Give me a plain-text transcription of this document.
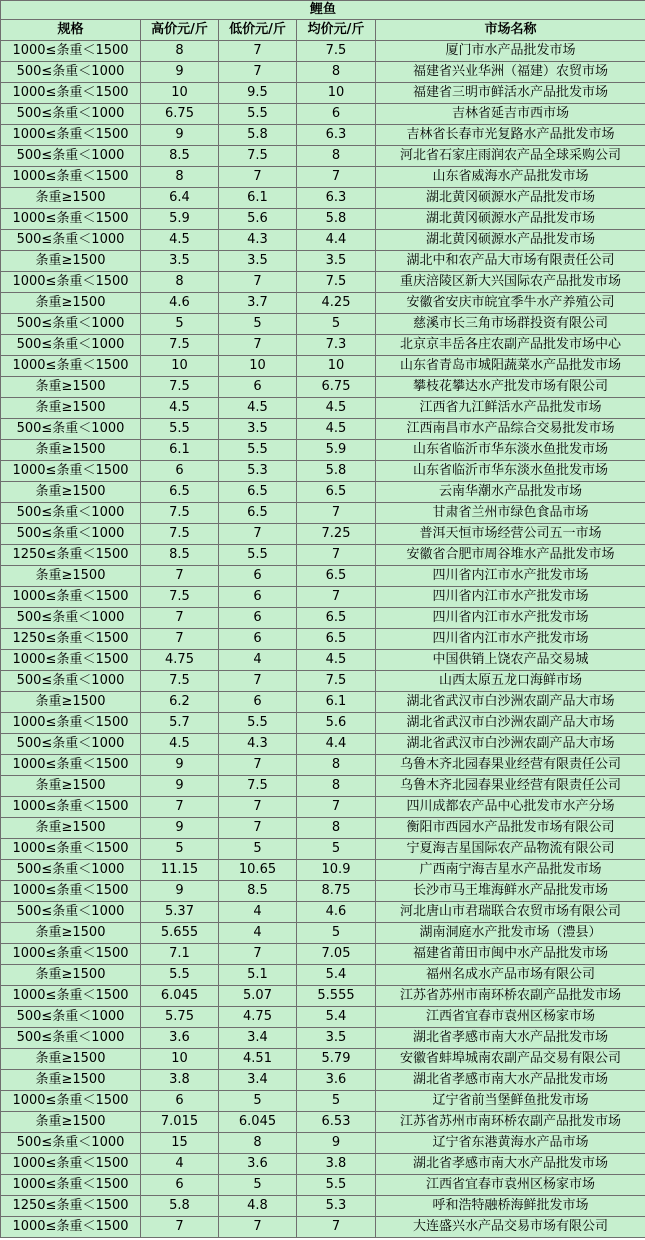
鲤鱼				
规格	高价元/斤	低价元/斤	均价元/斤	市场名称
1000≤条重＜1500	8	7	7.5	厦门市水产品批发市场
500≤条重＜1000	9	7	8	福建省兴业华洲（福建）农贸市场
1000≤条重＜1500	10	9.5	10	福建省三明市鲜活水产品批发市场
500≤条重＜1000	6.75	5.5	6	吉林省延吉市西市场
1000≤条重＜1500	9	5.8	6.3	吉林省长春市光复路水产品批发市场
500≤条重＜1000	8.5	7.5	8	河北省石家庄雨润农产品全球采购公司
1000≤条重＜1500	8	7	7	山东省威海水产品批发市场
条重≥1500	6.4	6.1	6.3	湖北黄冈硕源水产品批发市场
1000≤条重＜1500	5.9	5.6	5.8	湖北黄冈硕源水产品批发市场
500≤条重＜1000	4.5	4.3	4.4	湖北黄冈硕源水产品批发市场
条重≥1500	3.5	3.5	3.5	湖北中和农产品大市场有限责任公司
1000≤条重＜1500	8	7	7.5	重庆涪陵区新大兴国际农产品批发市场
条重≥1500	4.6	3.7	4.25	安徽省安庆市皖宜季牛水产养殖公司
500≤条重＜1000	5	5	5	慈溪市长三角市场群投资有限公司
500≤条重＜1000	7.5	7	7.3	北京京丰岳各庄农副产品批发市场中心
1000≤条重＜1500	10	10	10	山东省青岛市城阳蔬菜水产品批发市场
条重≥1500	7.5	6	6.75	攀枝花攀达水产批发市场有限公司
条重≥1500	4.5	4.5	4.5	江西省九江鲜活水产品批发市场
500≤条重＜1000	5.5	3.5	4.5	江西南昌市水产品综合交易批发市场
条重≥1500	6.1	5.5	5.9	山东省临沂市华东淡水鱼批发市场
1000≤条重＜1500	6	5.3	5.8	山东省临沂市华东淡水鱼批发市场
条重≥1500	6.5	6.5	6.5	云南华潮水产品批发市场
500≤条重＜1000	7.5	6.5	7	甘肃省兰州市绿色食品市场
500≤条重＜1000	7.5	7	7.25	普洱天恒市场经营公司五一市场
1250≤条重＜1500	8.5	5.5	7	安徽省合肥市周谷堆水产品批发市场
条重≥1500	7	6	6.5	四川省内江市水产批发市场
1000≤条重＜1500	7.5	6	7	四川省内江市水产批发市场
500≤条重＜1000	7	6	6.5	四川省内江市水产批发市场
1250≤条重＜1500	7	6	6.5	四川省内江市水产批发市场
1000≤条重＜1500	4.75	4	4.5	中国供销上饶农产品交易城
500≤条重＜1000	7.5	7	7.5	山西太原五龙口海鲜市场
条重≥1500	6.2	6	6.1	湖北省武汉市白沙洲农副产品大市场
1000≤条重＜1500	5.7	5.5	5.6	湖北省武汉市白沙洲农副产品大市场
500≤条重＜1000	4.5	4.3	4.4	湖北省武汉市白沙洲农副产品大市场
1000≤条重＜1500	9	7	8	乌鲁木齐北园春果业经营有限责任公司
条重≥1500	9	7.5	8	乌鲁木齐北园春果业经营有限责任公司
1000≤条重＜1500	7	7	7	四川成都农产品中心批发市水产分场
条重≥1500	9	7	8	衡阳市西园水产品批发市场有限公司
1000≤条重＜1500	5	5	5	宁夏海吉星国际农产品物流有限公司
500≤条重＜1000	11.15	10.65	10.9	广西南宁海吉星水产品批发市场
1000≤条重＜1500	9	8.5	8.75	长沙市马王堆海鲜水产品批发市场
500≤条重＜1000	5.37	4	4.6	河北唐山市君瑞联合农贸市场有限公司
条重≥1500	5.655	4	5	湖南洞庭水产批发市场（澧县）
1000≤条重＜1500	7.1	7	7.05	福建省莆田市闽中水产品批发市场
条重≥1500	5.5	5.1	5.4	福州名成水产品市场有限公司
1000≤条重＜1500	6.045	5.07	5.555	江苏省苏州市南环桥农副产品批发市场
500≤条重＜1000	5.75	4.75	5.4	江西省宜春市袁州区杨家市场
500≤条重＜1000	3.6	3.4	3.5	湖北省孝感市南大水产品批发市场
条重≥1500	10	4.51	5.79	安徽省蚌埠城南农副产品交易有限公司
条重≥1500	3.8	3.4	3.6	湖北省孝感市南大水产品批发市场
1000≤条重＜1500	6	5	5	辽宁省前当堡鲜鱼批发市场
条重≥1500	7.015	6.045	6.53	江苏省苏州市南环桥农副产品批发市场
500≤条重＜1000	15	8	9	辽宁省东港黄海水产品市场
1000≤条重＜1500	4	3.6	3.8	湖北省孝感市南大水产品批发市场
1000≤条重＜1500	6	5	5.5	江西省宜春市袁州区杨家市场
1250≤条重＜1500	5.8	4.8	5.3	呼和浩特融桥海鲜批发市场
1000≤条重＜1500	7	7	7	大连盛兴水产品交易市场有限公司
